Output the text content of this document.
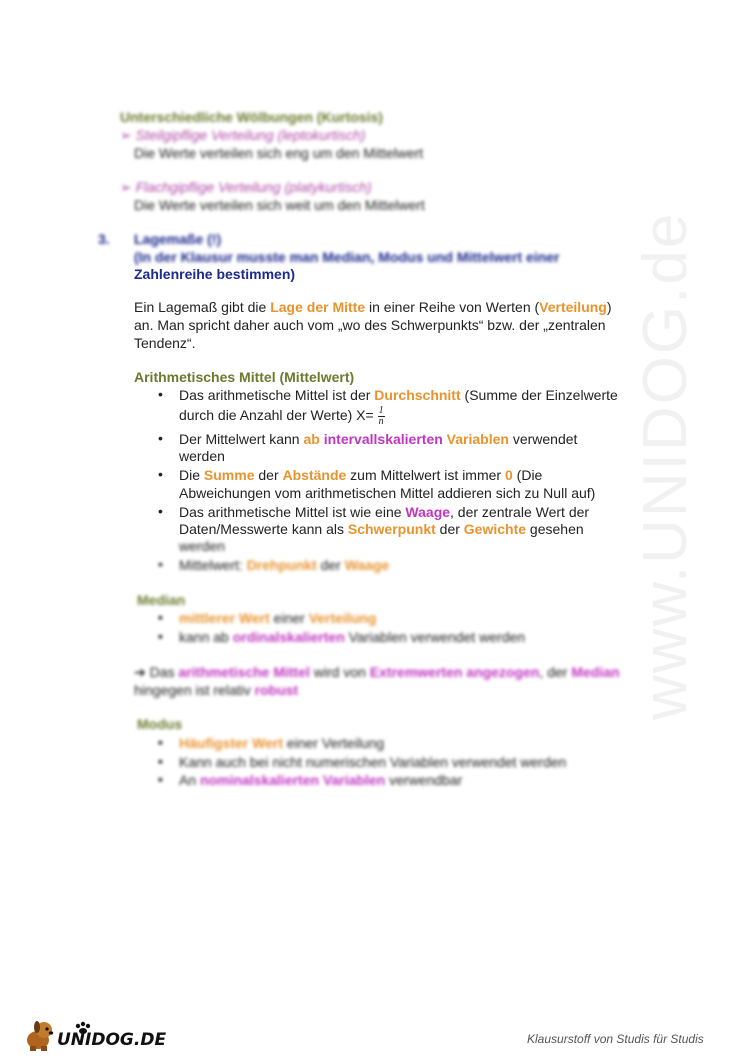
www.UNIDOG.de
Unterschiedliche Wölbungen (Kurtosis)
➢ Steilgipflige Verteilung (leptokurtisch)
Die Werte verteilen sich eng um den Mittelwert
➢ Flachgipflige Verteilung (platykurtisch)
Die Werte verteilen sich weit um den Mittelwert
3. Lagemaße (!)
(In der Klausur musste man Median, Modus und Mittelwert einer
Zahlenreihe bestimmen)
Ein Lagemaß gibt die Lage der Mitte in einer Reihe von Werten (Verteilung)
an. Man spricht daher auch vom „wo des Schwerpunkts“ bzw. der „zentralen
Tendenz“.
Arithmetisches Mittel (Mittelwert)
• Das arithmetische Mittel ist der Durchschnitt (Summe der Einzelwerte
durch die Anzahl der Werte) $X= \frac{1}{n}$
• Der Mittelwert kann ab intervallskalierten Variablen verwendet
werden
• Die Summe der Abstände zum Mittelwert ist immer 0 (Die
Abweichungen vom arithmetischen Mittel addieren sich zu Null auf)
• Das arithmetische Mittel ist wie eine Waage, der zentrale Wert der
Daten/Messwerte kann als Schwerpunkt der Gewichte gesehen
werden
• Mittelwert: Drehpunkt der Waage
Median
▪ mittlerer Wert einer Verteilung
▪ kann ab ordinalskalierten Variablen verwendet werden
➔ Das arithmetische Mittel wird von Extremwerten angezogen, der Median
hingegen ist relativ robust
Modus
▪ Häufigster Wert einer Verteilung
▪ Kann auch bei nicht numerischen Variablen verwendet werden
▪ An nominalskalierten Variablen verwendbar
UNIDOG.DE	Klausurstoff von Studis für Studis
